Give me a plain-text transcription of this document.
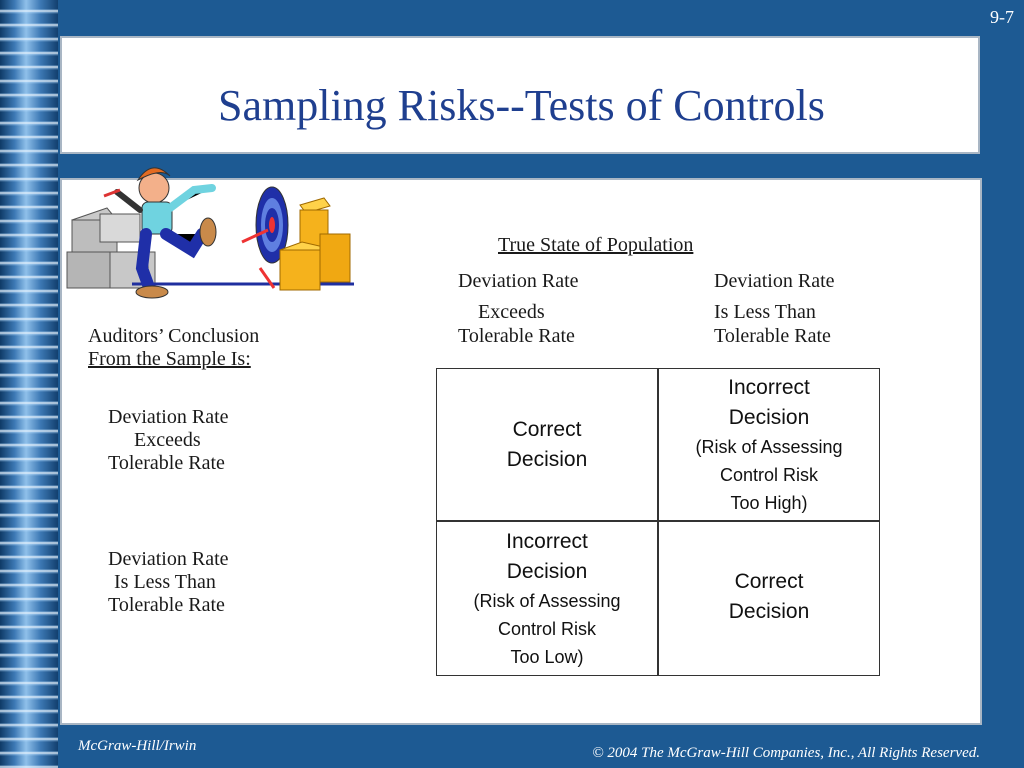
9-7
Sampling Risks--Tests of Controls
True State of Population
Deviation Rate
Exceeds
Tolerable Rate
Deviation Rate
Is Less Than
Tolerable Rate
Auditors’ Conclusion
From the Sample Is:
Deviation Rate
Exceeds
Tolerable Rate
Deviation Rate
Is Less Than
Tolerable Rate
Correct
Decision
Incorrect
Decision
(Risk of Assessing
Control Risk
Too High)
Incorrect
Decision
(Risk of Assessing
Control Risk
Too Low)
Correct
Decision
McGraw-Hill/Irwin	© 2004 The McGraw-Hill Companies, Inc., All Rights Reserved.
